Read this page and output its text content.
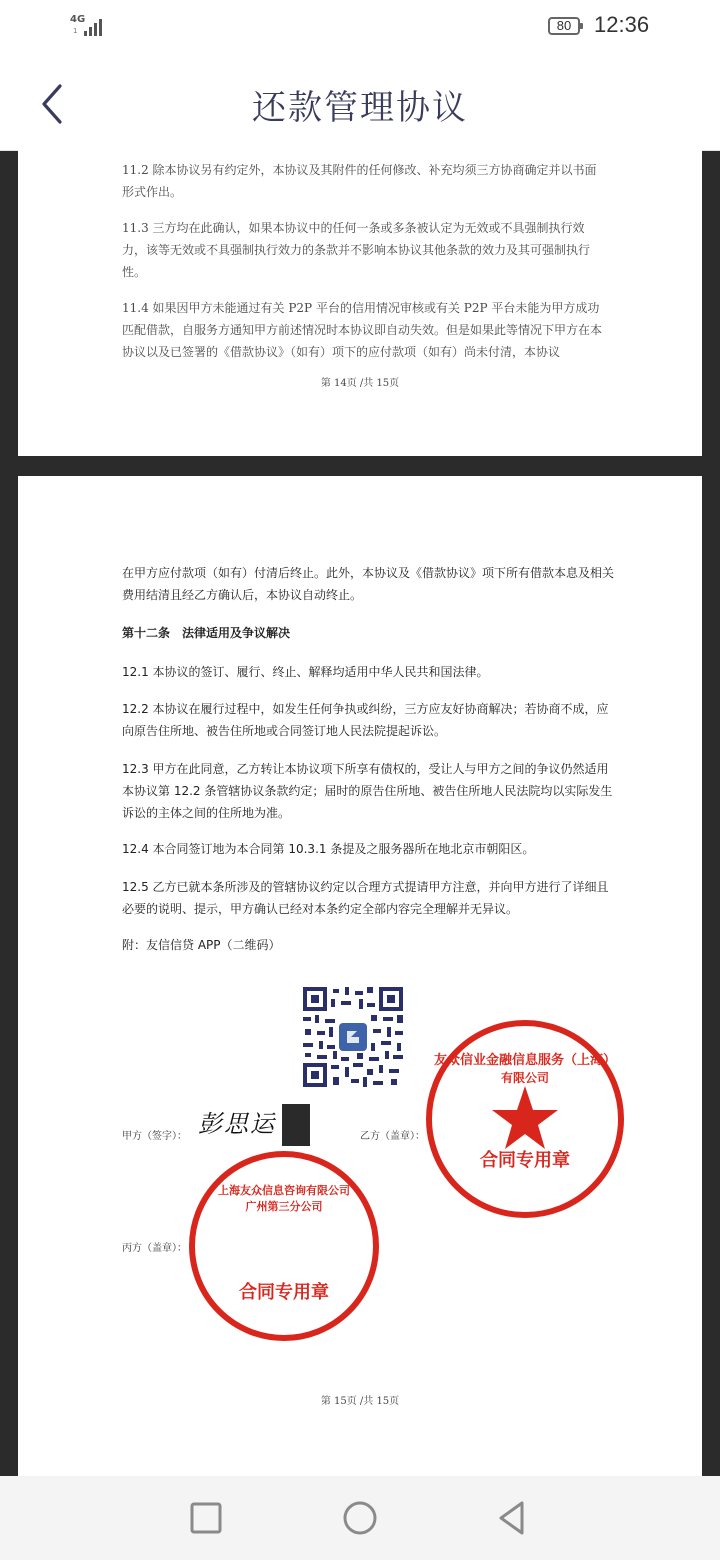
4G
1	80	12:36
还款管理协议
11.2 除本协议另有约定外，本协议及其附件的任何修改、补充均须三方协商确定并以书面形式作出。
11.3 三方均在此确认，如果本协议中的任何一条或多条被认定为无效或不具强制执行效力，该等无效或不具强制执行效力的条款并不影响本协议其他条款的效力及其可强制执行性。
11.4 如果因甲方未能通过有关 P2P 平台的信用情况审核或有关 P2P 平台未能为甲方成功匹配借款，自服务方通知甲方前述情况时本协议即自动失效。但是如果此等情况下甲方在本协议以及已签署的《借款协议》（如有）项下的应付款项（如有）尚未付清，本协议
第 14页 /共 15页
在甲方应付款项（如有）付清后终止。此外，本协议及《借款协议》项下所有借款本息及相关费用结清且经乙方确认后，本协议自动终止。
第十二条　法律适用及争议解决
12.1 本协议的签订、履行、终止、解释均适用中华人民共和国法律。
12.2 本协议在履行过程中，如发生任何争执或纠纷，三方应友好协商解决；若协商不成，应向原告住所地、被告住所地或合同签订地人民法院提起诉讼。
12.3 甲方在此同意，乙方转让本协议项下所享有债权的，受让人与甲方之间的争议仍然适用本协议第 12.2 条管辖协议条款约定；届时的原告住所地、被告住所地人民法院均以实际发生诉讼的主体之间的住所地为准。
12.4 本合同签订地为本合同第 10.3.1 条提及之服务器所在地北京市朝阳区。
12.5 乙方已就本条所涉及的管辖协议约定以合理方式提请甲方注意，并向甲方进行了详细且必要的说明、提示，甲方确认已经对本条约定全部内容完全理解并无异议。
附：友信信贷 APP（二维码）
甲方（签字）： 彭思运	乙方（盖章）：
合同专用章
友众信业金融信息服务（上海）
有限公司
丙方（盖章）：
合同专用章
上海友众信息咨询有限公司
广州第三分公司
第 15页 /共 15页
